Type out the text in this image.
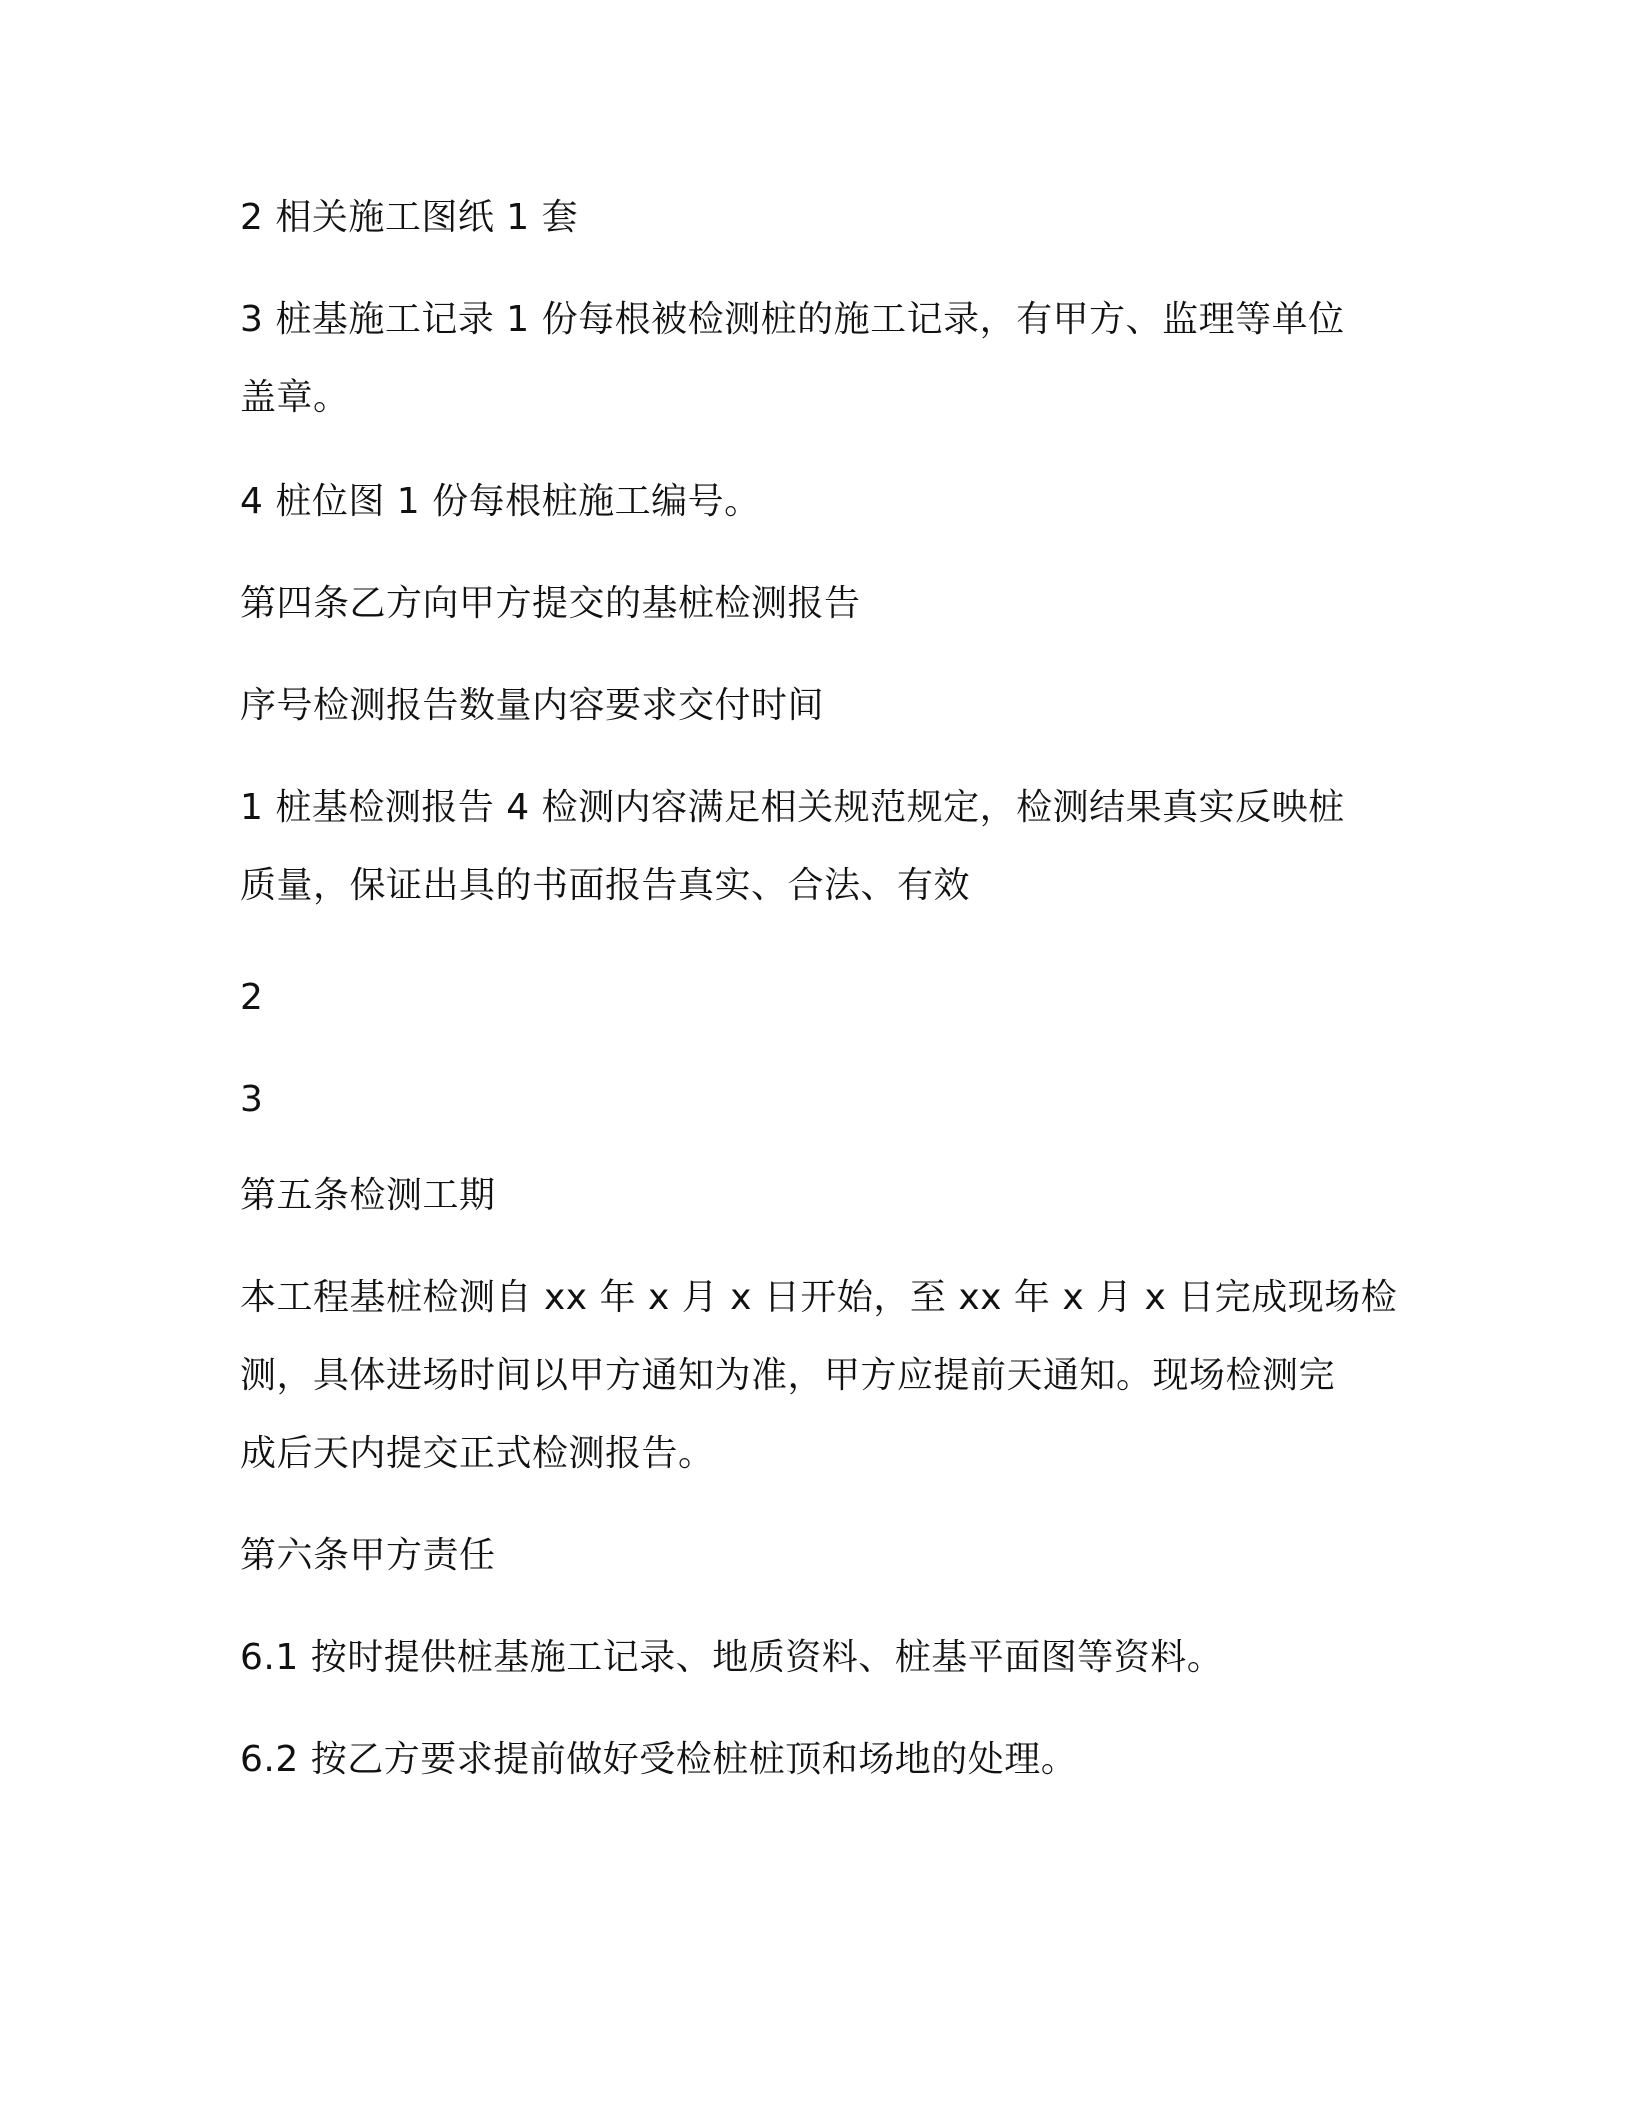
2 相关施工图纸 1 套

3 桩基施工记录 1 份每根被检测桩的施工记录，有甲方、监理等单位

盖章。

4 桩位图 1 份每根桩施工编号。

第四条乙方向甲方提交的基桩检测报告

序号检测报告数量内容要求交付时间

1 桩基检测报告 4 检测内容满足相关规范规定，检测结果真实反映桩

质量，保证出具的书面报告真实、合法、有效

2

3

第五条检测工期

本工程基桩检测自 xx 年 x 月 x 日开始，至 xx 年 x 月 x 日完成现场检

测，具体进场时间以甲方通知为准，甲方应提前天通知。现场检测完

成后天内提交正式检测报告。

第六条甲方责任

6.1 按时提供桩基施工记录、地质资料、桩基平面图等资料。

6.2 按乙方要求提前做好受检桩桩顶和场地的处理。
